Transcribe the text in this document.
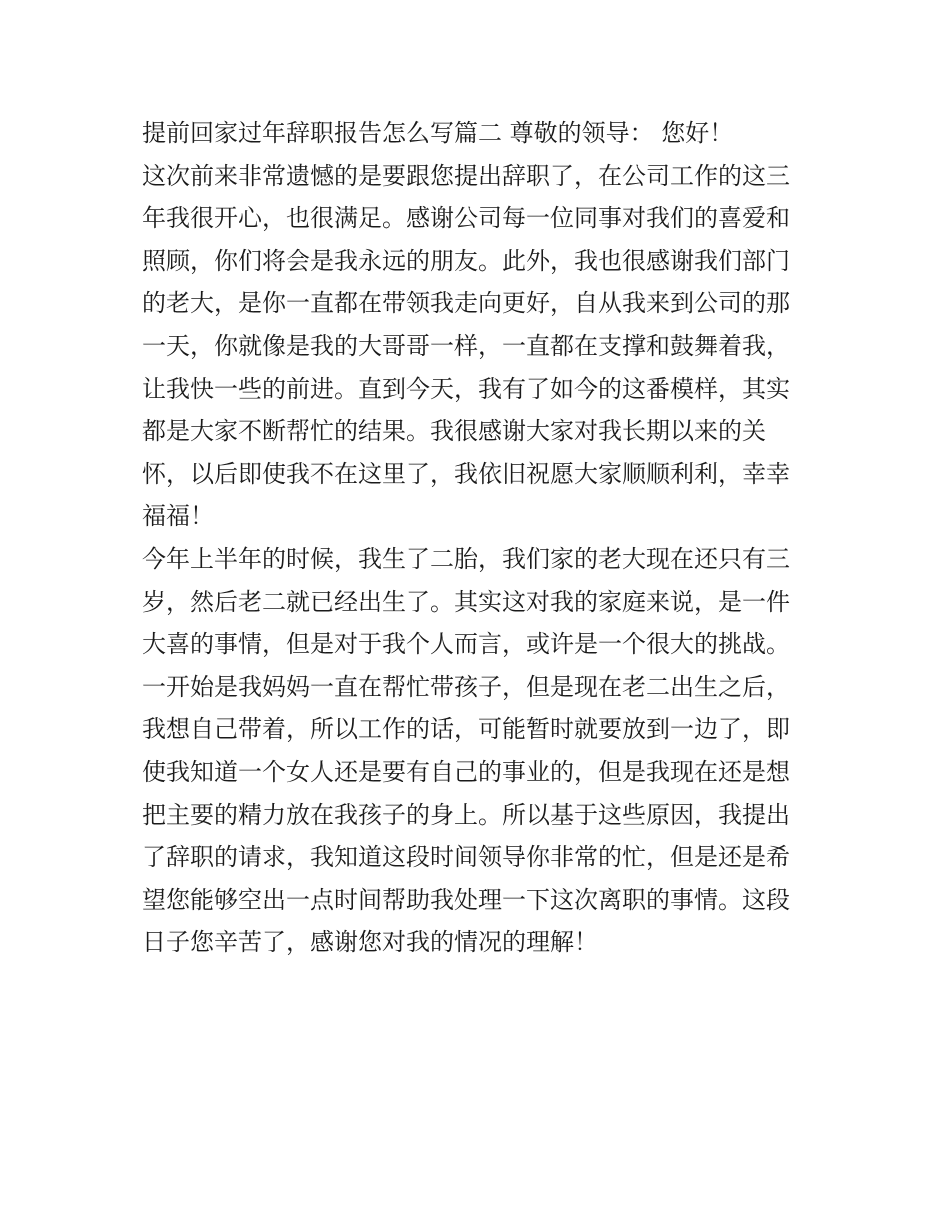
提前回家过年辞职报告怎么写篇二 尊敬的领导： 您好！
这次前来非常遗憾的是要跟您提出辞职了，在公司工作的这三
年我很开心，也很满足。感谢公司每一位同事对我们的喜爱和
照顾，你们将会是我永远的朋友。此外，我也很感谢我们部门
的老大，是你一直都在带领我走向更好，自从我来到公司的那
一天，你就像是我的大哥哥一样，一直都在支撑和鼓舞着我，
让我快一些的前进。直到今天，我有了如今的这番模样，其实
都是大家不断帮忙的结果。我很感谢大家对我长期以来的关
怀，以后即使我不在这里了，我依旧祝愿大家顺顺利利，幸幸
福福！
今年上半年的时候，我生了二胎，我们家的老大现在还只有三
岁，然后老二就已经出生了。其实这对我的家庭来说，是一件
大喜的事情，但是对于我个人而言，或许是一个很大的挑战。
一开始是我妈妈一直在帮忙带孩子，但是现在老二出生之后，
我想自己带着，所以工作的话，可能暂时就要放到一边了，即
使我知道一个女人还是要有自己的事业的，但是我现在还是想
把主要的精力放在我孩子的身上。所以基于这些原因，我提出
了辞职的请求，我知道这段时间领导你非常的忙，但是还是希
望您能够空出一点时间帮助我处理一下这次离职的事情。这段
日子您辛苦了，感谢您对我的情况的理解！
